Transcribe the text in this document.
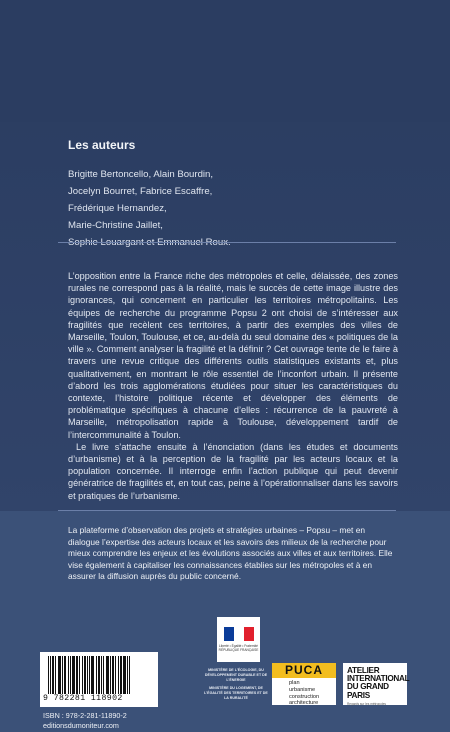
Les auteurs

Brigitte Bertoncello, Alain Bourdin,

Jocelyn Bourret, Fabrice Escaffre,

Frédérique Hernandez,

Marie-Christine Jaillet,

L’opposition entre la France riche des métropoles et celle, délaissée, des zones rurales ne correspond pas à la réalité, mais le succès de cette image illustre des ignorances, qui concernent en particulier les territoires métropolitains. Les équipes de recherche du programme Popsu 2 ont choisi de s’intéresser aux fragilités que recèlent ces territoires, à partir des exemples des villes de Marseille, Toulon, Toulouse, et ce, au-delà du seul domaine des « politiques de la ville ». Comment analyser la fragilité et la définir ? Cet ouvrage tente de le faire à travers une revue critique des différents outils statistiques existants et, plus qualitativement, en montrant le rôle essentiel de l’inconfort urbain. Il présente d’abord les trois agglomérations étudiées pour situer les caractéristiques du contexte, l’histoire politique récente et développer des éléments de problématique spécifiques à chacune d’elles : récurrence de la pauvreté à Marseille, métropolisation rapide à Toulouse, développement tardif de l’intercommunalité à Toulon.

Le livre s’attache ensuite à l’énonciation (dans les études et documents d’urbanisme) et à la perception de la fragilité par les acteurs locaux et la population concernée. Il interroge enfin l’action publique qui peut devenir génératrice de fragilités et, en tout cas, peine à l’opérationnaliser dans les savoirs et pratiques de l’urbanisme.

La plateforme d’observation des projets et stratégies urbaines – Popsu – met en dialogue l’expertise des acteurs locaux et les savoirs des milieux de la recherche pour mieux comprendre les enjeux et les évolutions associés aux villes et aux territoires. Elle vise également à capitaliser les connaissances établies sur les métropoles et à en assurer la diffusion auprès du public concerné.
Liberté • Égalité • Fraternité RÉPUBLIQUE FRANÇAISE
MINISTÈRE DE L’ÉCOLOGIE, DU DÉVELOPPEMENT DURABLE ET DE L’ÉNERGIE
MINISTÈRE DU LOGEMENT, DE L’ÉGALITÉ DES TERRITOIRES ET DE LA RURALITÉ
9 782281 118902
ISBN : 978-2-281-11890-2
editionsdumoniteur.com
PUCA
plan
urbanisme
construction
architecture
ATELIER INTERNATIONAL DU GRAND PARIS
Regards sur les métropoles
